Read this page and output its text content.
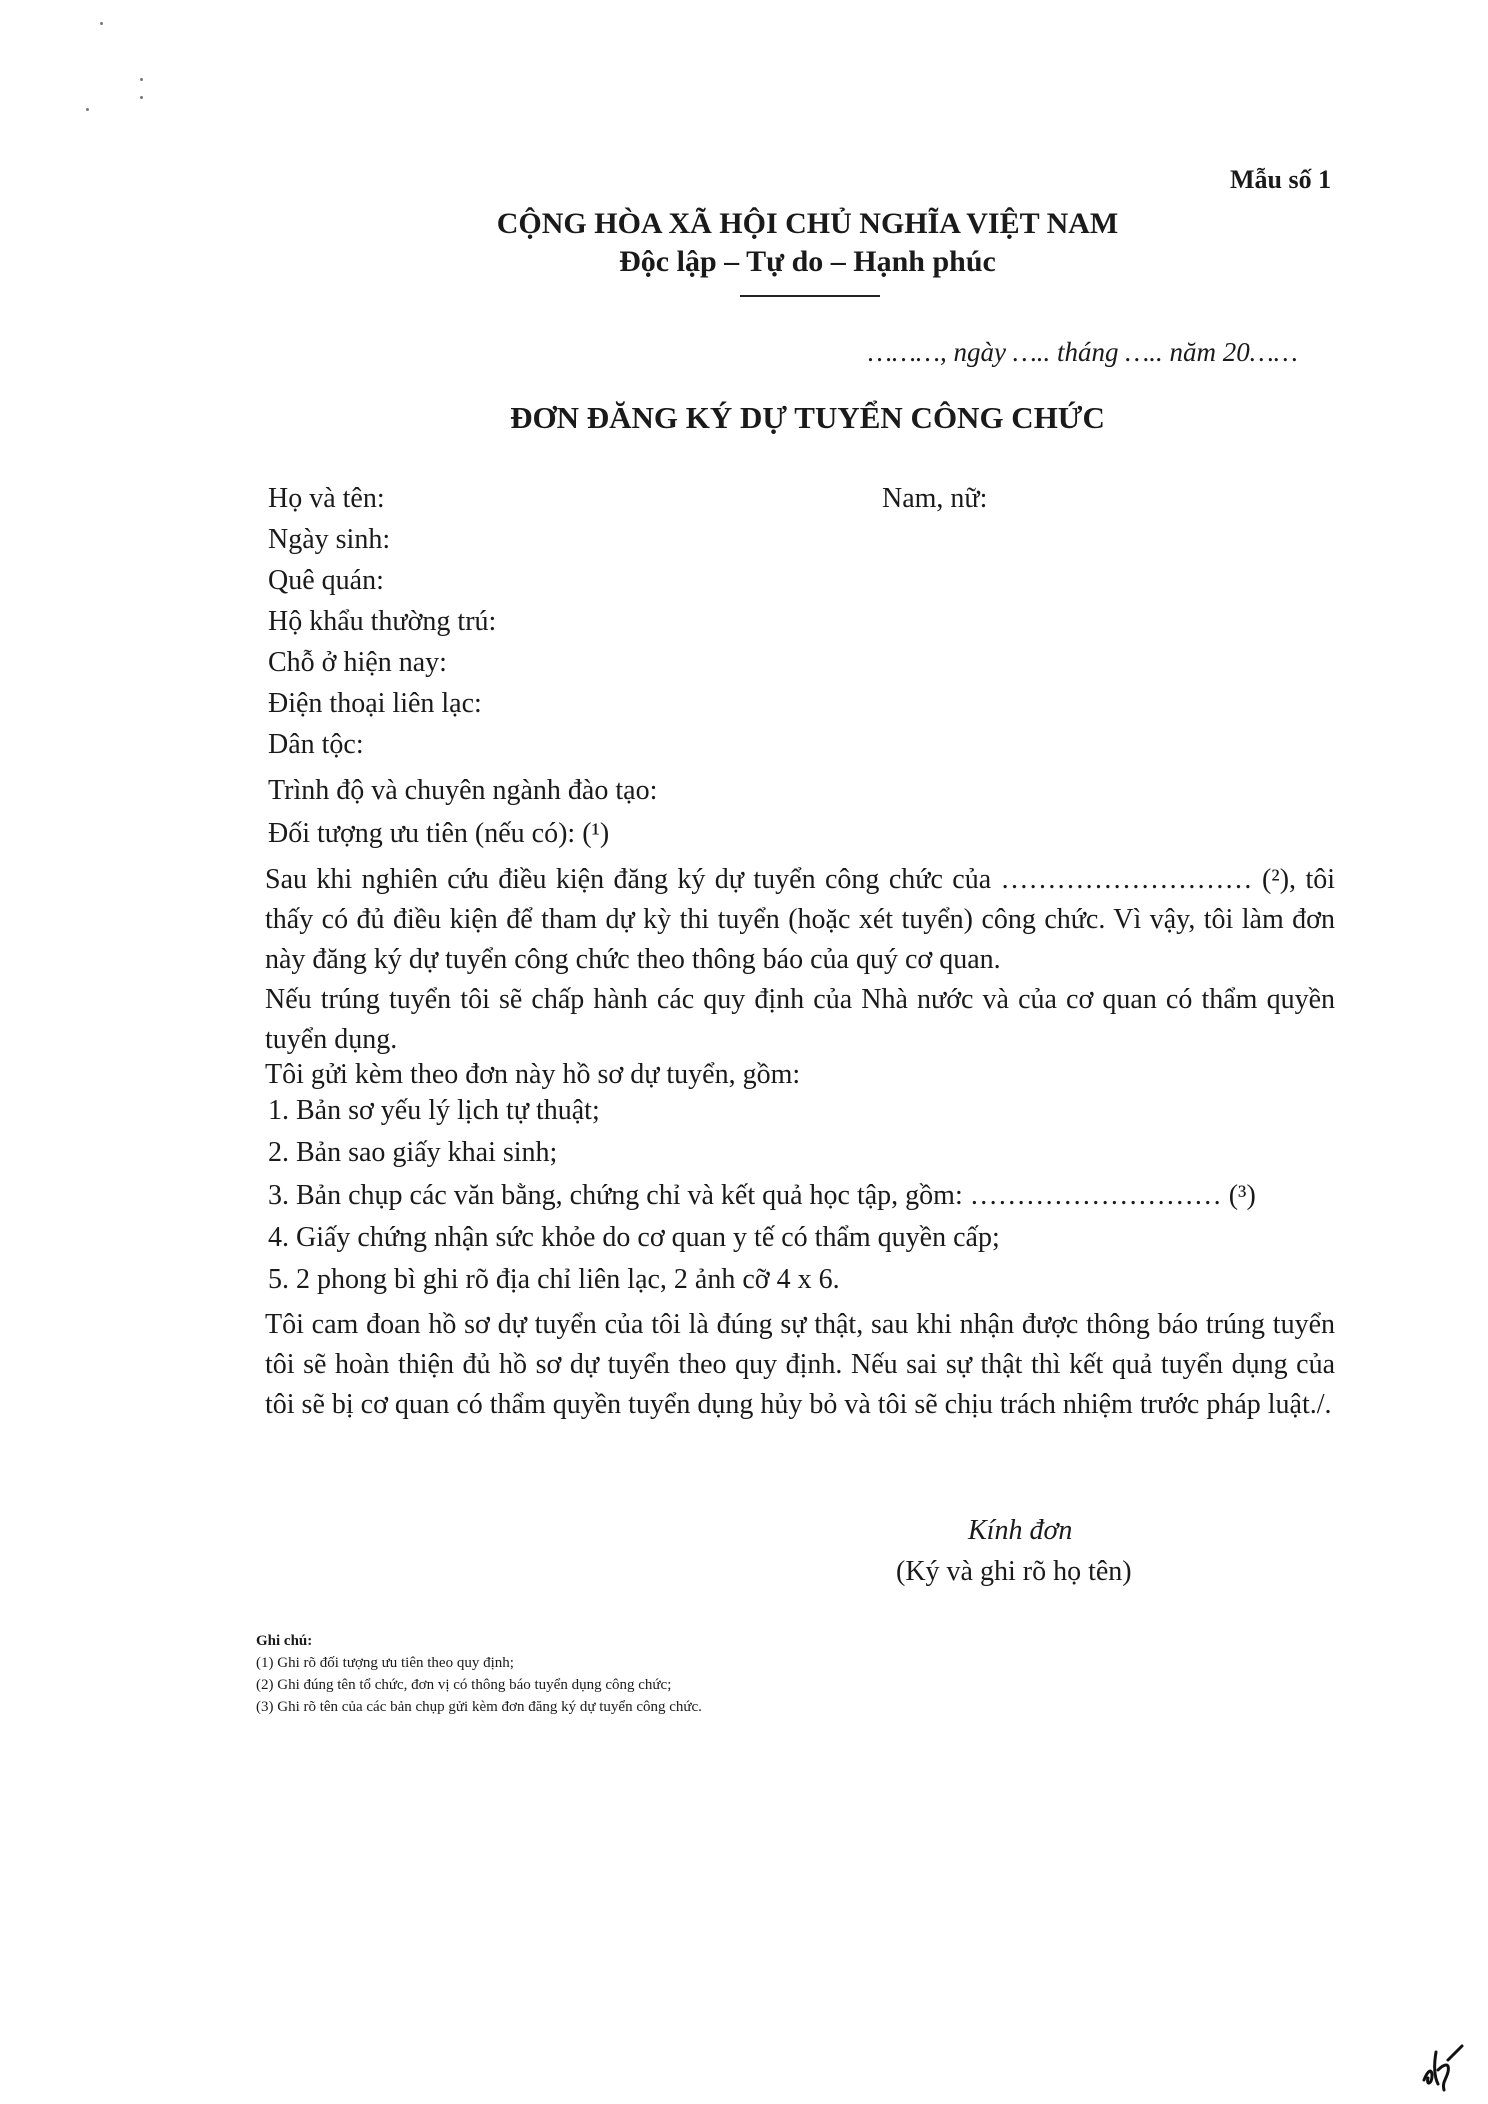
Mẫu số 1
CỘNG HÒA XÃ HỘI CHỦ NGHĨA VIỆT NAM
Độc lập – Tự do – Hạnh phúc
………, ngày ….. tháng ….. năm 20……
ĐƠN ĐĂNG KÝ DỰ TUYỂN CÔNG CHỨC
Họ và tên:	Nam, nữ:
Ngày sinh:
Quê quán:
Hộ khẩu thường trú:
Chỗ ở hiện nay:
Điện thoại liên lạc:
Dân tộc:
Trình độ và chuyên ngành đào tạo:
Đối tượng ưu tiên (nếu có): (¹)
Sau khi nghiên cứu điều kiện đăng ký dự tuyển công chức của ……………………… (²), tôi thấy có đủ điều kiện để tham dự kỳ thi tuyển (hoặc xét tuyển) công chức. Vì vậy, tôi làm đơn này đăng ký dự tuyển công chức theo thông báo của quý cơ quan.
Nếu trúng tuyển tôi sẽ chấp hành các quy định của Nhà nước và của cơ quan có thẩm quyền tuyển dụng.
Tôi gửi kèm theo đơn này hồ sơ dự tuyển, gồm:
1. Bản sơ yếu lý lịch tự thuật;
2. Bản sao giấy khai sinh;
3. Bản chụp các văn bằng, chứng chỉ và kết quả học tập, gồm: ……………………… (³)
4. Giấy chứng nhận sức khỏe do cơ quan y tế có thẩm quyền cấp;
5. 2 phong bì ghi rõ địa chỉ liên lạc, 2 ảnh cỡ 4 x 6.
Tôi cam đoan hồ sơ dự tuyển của tôi là đúng sự thật, sau khi nhận được thông báo trúng tuyển tôi sẽ hoàn thiện đủ hồ sơ dự tuyển theo quy định. Nếu sai sự thật thì kết quả tuyển dụng của tôi sẽ bị cơ quan có thẩm quyền tuyển dụng hủy bỏ và tôi sẽ chịu trách nhiệm trước pháp luật./.
Kính đơn
(Ký và ghi rõ họ tên)
Ghi chú:
(1) Ghi rõ đối tượng ưu tiên theo quy định;
(2) Ghi đúng tên tổ chức, đơn vị có thông báo tuyển dụng công chức;
(3) Ghi rõ tên của các bản chụp gửi kèm đơn đăng ký dự tuyển công chức.
